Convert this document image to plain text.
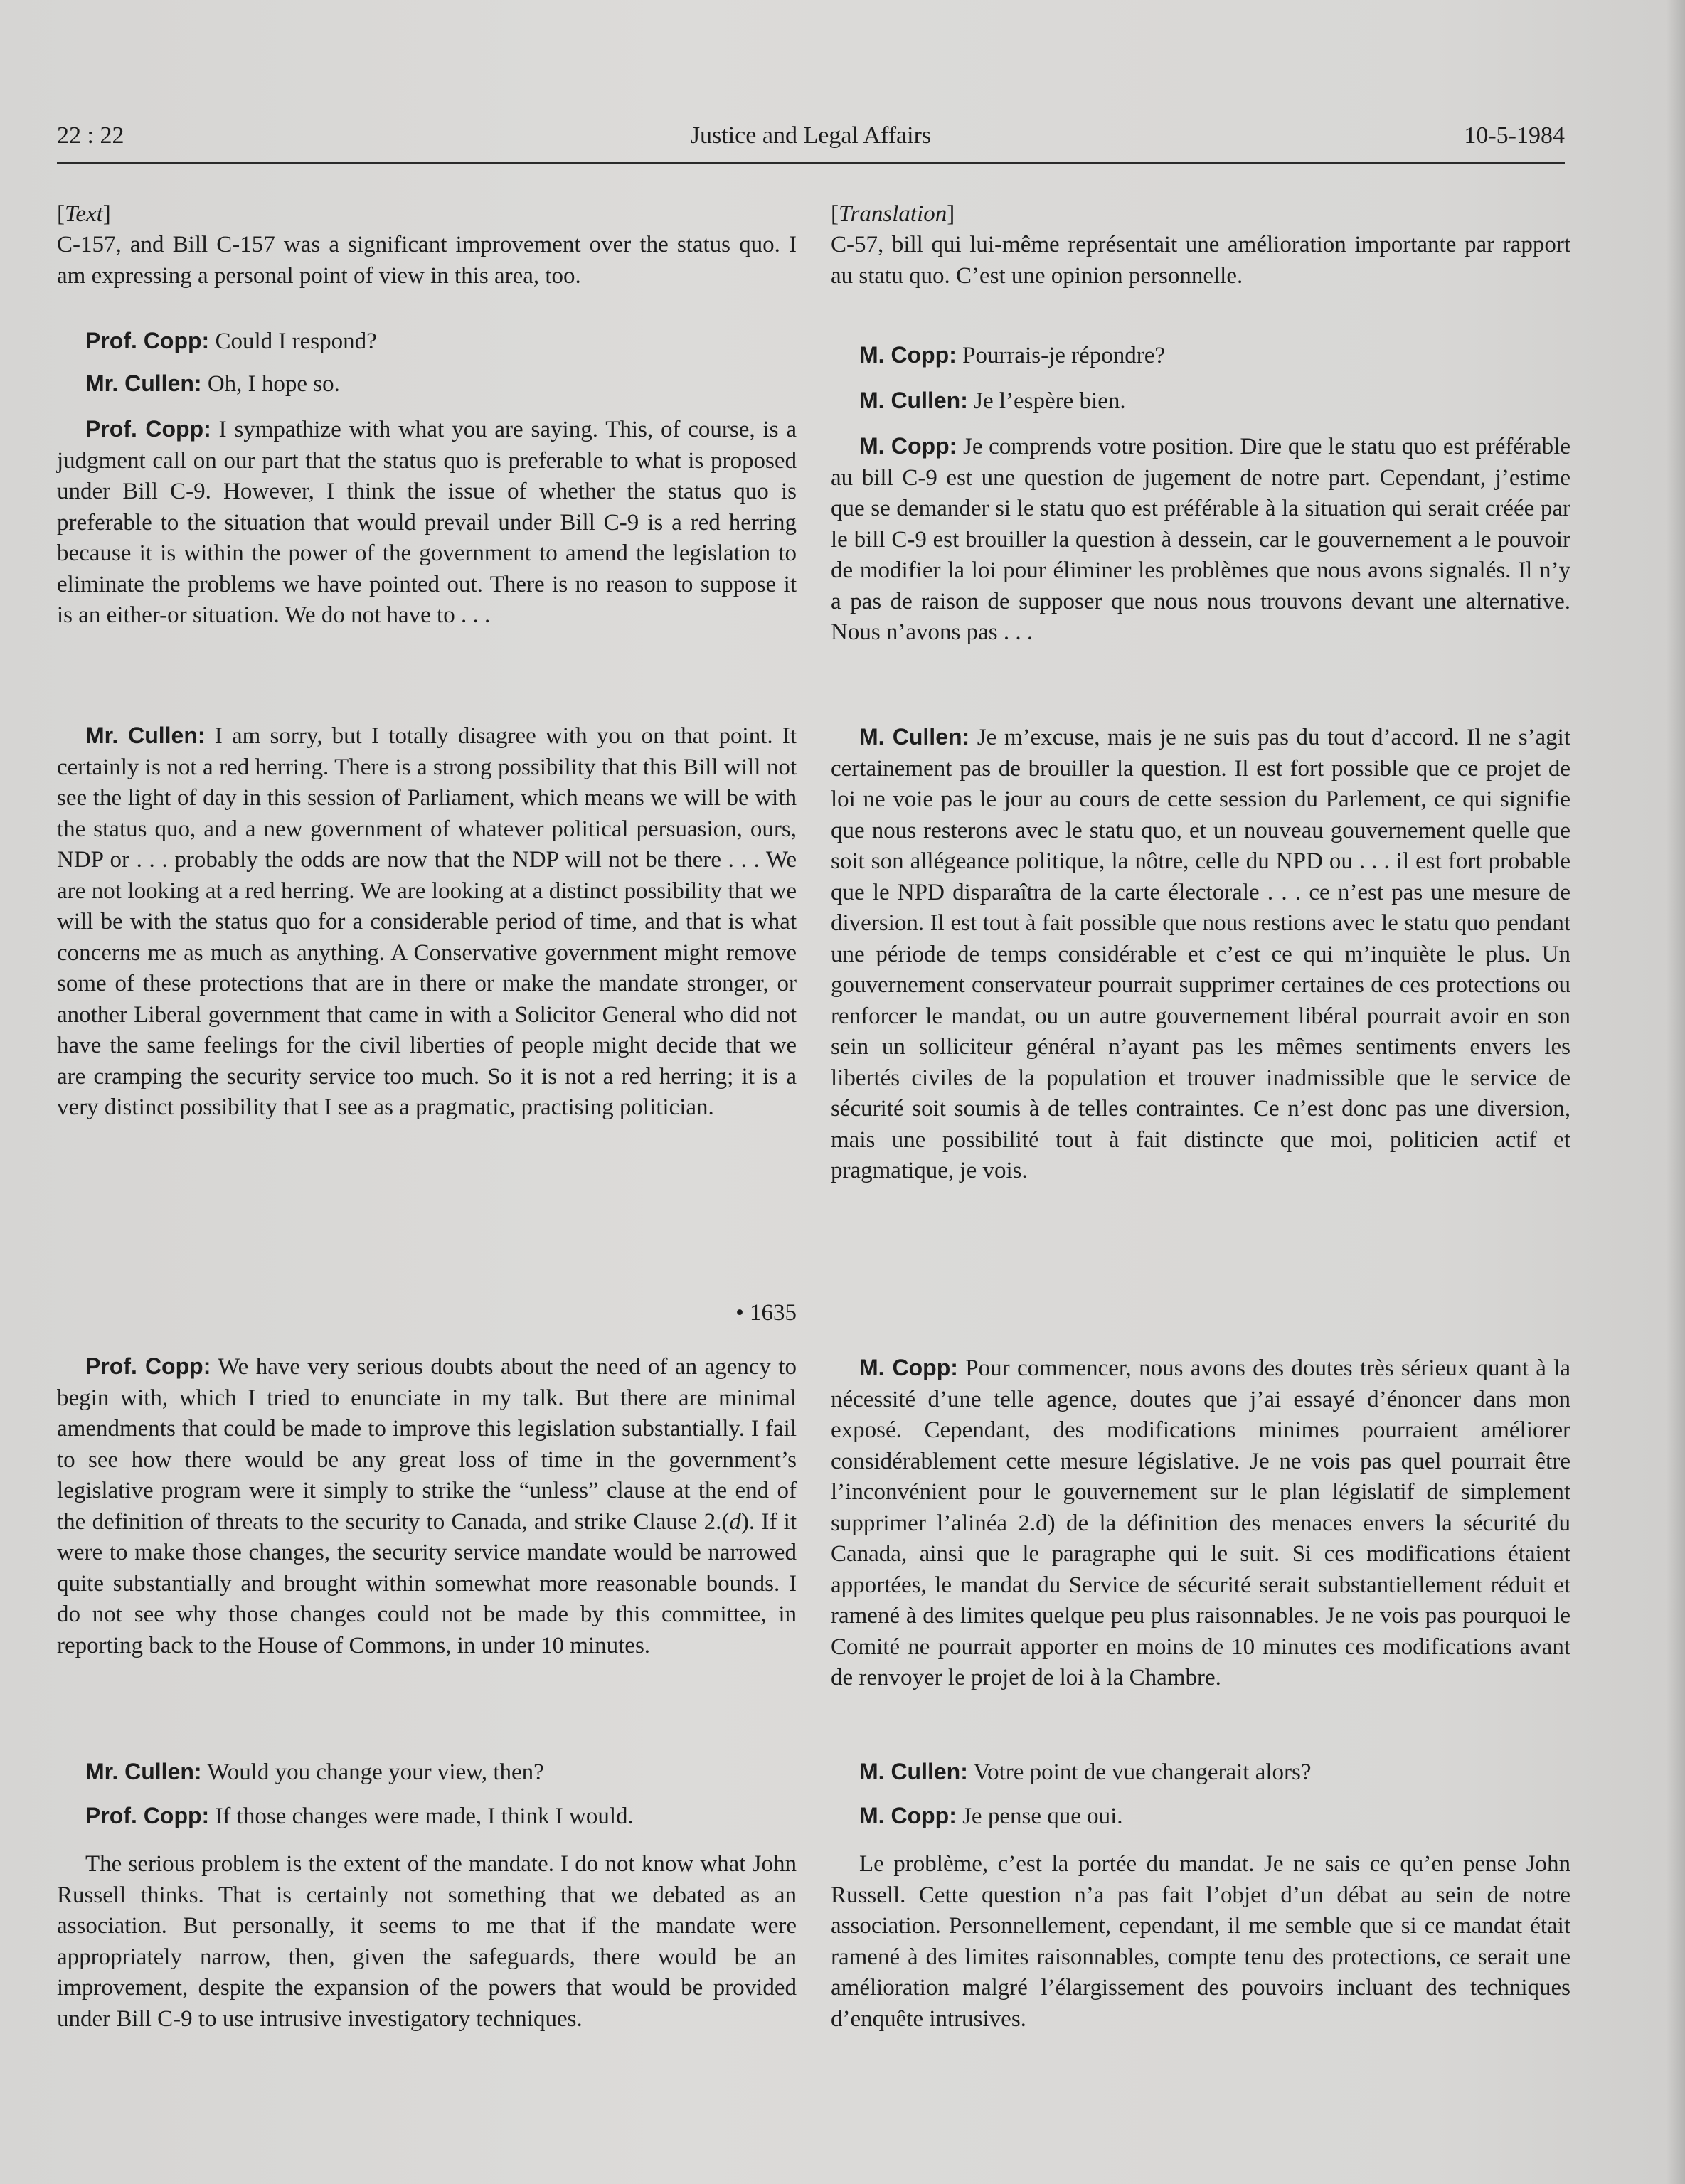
22 : 22	Justice and Legal Affairs	10-5-1984
[Text]

C-157, and Bill C-157 was a significant improvement over the status quo. I am expressing a personal point of view in this area, too.

Prof. Copp: Could I respond?

Mr. Cullen: Oh, I hope so.

Prof. Copp: I sympathize with what you are saying. This, of course, is a judgment call on our part that the status quo is preferable to what is proposed under Bill C-9. However, I think the issue of whether the status quo is preferable to the situation that would prevail under Bill C-9 is a red herring because it is within the power of the government to amend the legislation to eliminate the problems we have pointed out. There is no reason to suppose it is an either-or situation. We do not have to . . .

Mr. Cullen: I am sorry, but I totally disagree with you on that point. It certainly is not a red herring. There is a strong possibility that this Bill will not see the light of day in this session of Parliament, which means we will be with the status quo, and a new government of whatever political persuasion, ours, NDP or . . . probably the odds are now that the NDP will not be there . . . We are not looking at a red herring. We are looking at a distinct possibility that we will be with the status quo for a considerable period of time, and that is what concerns me as much as anything. A Conservative government might remove some of these protections that are in there or make the mandate stronger, or another Liberal government that came in with a Solicitor General who did not have the same feelings for the civil liberties of people might decide that we are cramping the security service too much. So it is not a red herring; it is a very distinct possibility that I see as a pragmatic, practising politician.

• 1635

Prof. Copp: We have very serious doubts about the need of an agency to begin with, which I tried to enunciate in my talk. But there are minimal amendments that could be made to improve this legislation substantially. I fail to see how there would be any great loss of time in the government’s legislative program were it simply to strike the “unless” clause at the end of the definition of threats to the security to Canada, and strike Clause 2.(d). If it were to make those changes, the security service mandate would be narrowed quite substantially and brought within somewhat more reasonable bounds. I do not see why those changes could not be made by this committee, in reporting back to the House of Commons, in under 10 minutes.

Mr. Cullen: Would you change your view, then?

Prof. Copp: If those changes were made, I think I would.

The serious problem is the extent of the mandate. I do not know what John Russell thinks. That is certainly not something that we debated as an association. But personally, it seems to me that if the mandate were appropriately narrow, then, given the safeguards, there would be an improvement, despite the expansion of the powers that would be provided under Bill C-9 to use intrusive investigatory techniques.

[Translation]

C-57, bill qui lui-même représentait une amélioration importante par rapport au statu quo. C’est une opinion personnelle.

M. Copp: Pourrais-je répondre?

M. Cullen: Je l’espère bien.

M. Copp: Je comprends votre position. Dire que le statu quo est préférable au bill C-9 est une question de jugement de notre part. Cependant, j’estime que se demander si le statu quo est préférable à la situation qui serait créée par le bill C-9 est brouiller la question à dessein, car le gouvernement a le pouvoir de modifier la loi pour éliminer les problèmes que nous avons signalés. Il n’y a pas de raison de supposer que nous nous trouvons devant une alternative. Nous n’avons pas . . .

M. Cullen: Je m’excuse, mais je ne suis pas du tout d’accord. Il ne s’agit certainement pas de brouiller la question. Il est fort possible que ce projet de loi ne voie pas le jour au cours de cette session du Parlement, ce qui signifie que nous resterons avec le statu quo, et un nouveau gouvernement quelle que soit son allégeance politique, la nôtre, celle du NPD ou . . . il est fort probable que le NPD disparaîtra de la carte électorale . . . ce n’est pas une mesure de diversion. Il est tout à fait possible que nous restions avec le statu quo pendant une période de temps considérable et c’est ce qui m’inquiète le plus. Un gouvernement conservateur pourrait supprimer certaines de ces protections ou renforcer le mandat, ou un autre gouvernement libéral pourrait avoir en son sein un solliciteur général n’ayant pas les mêmes sentiments envers les libertés civiles de la population et trouver inadmissible que le service de sécurité soit soumis à de telles contraintes. Ce n’est donc pas une diversion, mais une possibilité tout à fait distincte que moi, politicien actif et pragmatique, je vois.

M. Copp: Pour commencer, nous avons des doutes très sérieux quant à la nécessité d’une telle agence, doutes que j’ai essayé d’énoncer dans mon exposé. Cependant, des modifications minimes pourraient améliorer considérablement cette mesure législative. Je ne vois pas quel pourrait être l’inconvénient pour le gouvernement sur le plan législatif de simplement supprimer l’alinéa 2.d) de la définition des menaces envers la sécurité du Canada, ainsi que le paragraphe qui le suit. Si ces modifications étaient apportées, le mandat du Service de sécurité serait substantiellement réduit et ramené à des limites quelque peu plus raisonnables. Je ne vois pas pourquoi le Comité ne pourrait apporter en moins de 10 minutes ces modifications avant de renvoyer le projet de loi à la Chambre.

M. Cullen: Votre point de vue changerait alors?

M. Copp: Je pense que oui.

Le problème, c’est la portée du mandat. Je ne sais ce qu’en pense John Russell. Cette question n’a pas fait l’objet d’un débat au sein de notre association. Personnellement, cependant, il me semble que si ce mandat était ramené à des limites raisonnables, compte tenu des protections, ce serait une amélioration malgré l’élargissement des pouvoirs incluant des techniques d’enquête intrusives.
